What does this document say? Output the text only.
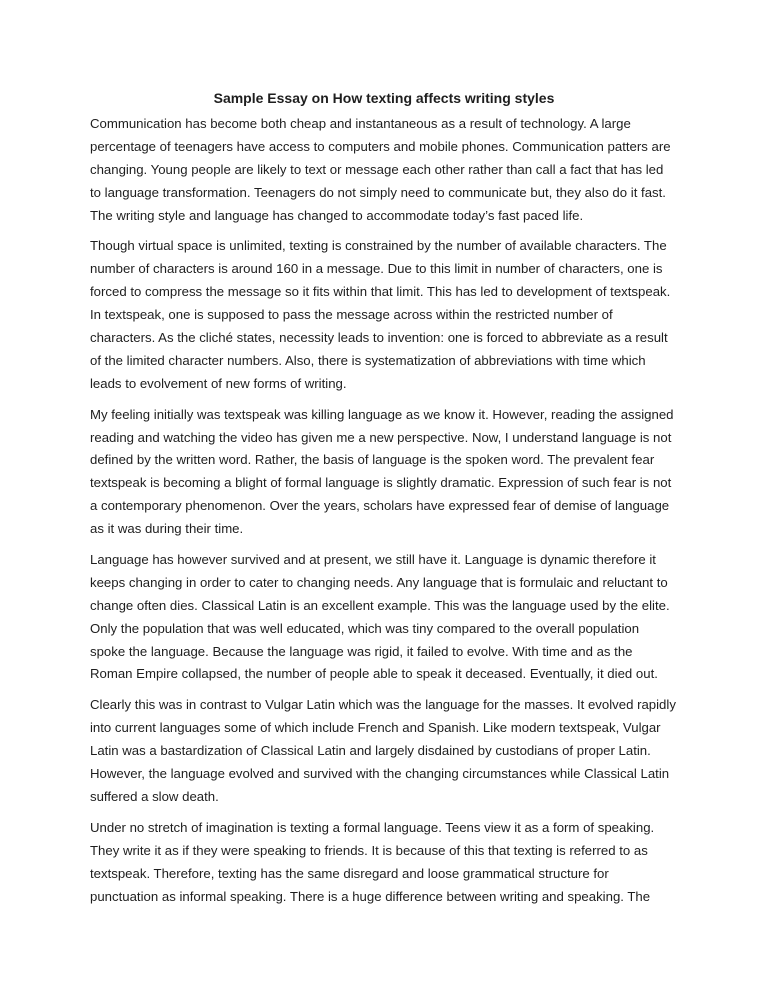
Sample Essay on How texting affects writing styles
Communication has become both cheap and instantaneous as a result of technology. A large
percentage of teenagers have access to computers and mobile phones. Communication patters are
changing. Young people are likely to text or message each other rather than call a fact that has led
to language transformation. Teenagers do not simply need to communicate but, they also do it fast.
The writing style and language has changed to accommodate today’s fast paced life.
Though virtual space is unlimited, texting is constrained by the number of available characters. The
number of characters is around 160 in a message. Due to this limit in number of characters, one is
forced to compress the message so it fits within that limit. This has led to development of textspeak.
In textspeak, one is supposed to pass the message across within the restricted number of
characters. As the cliché states, necessity leads to invention: one is forced to abbreviate as a result
of the limited character numbers. Also, there is systematization of abbreviations with time which
leads to evolvement of new forms of writing.
My feeling initially was textspeak was killing language as we know it. However, reading the assigned
reading and watching the video has given me a new perspective. Now, I understand language is not
defined by the written word. Rather, the basis of language is the spoken word. The prevalent fear
textspeak is becoming a blight of formal language is slightly dramatic. Expression of such fear is not
a contemporary phenomenon. Over the years, scholars have expressed fear of demise of language
as it was during their time.
Language has however survived and at present, we still have it. Language is dynamic therefore it
keeps changing in order to cater to changing needs. Any language that is formulaic and reluctant to
change often dies. Classical Latin is an excellent example. This was the language used by the elite.
Only the population that was well educated, which was tiny compared to the overall population
spoke the language. Because the language was rigid, it failed to evolve. With time and as the
Roman Empire collapsed, the number of people able to speak it deceased. Eventually, it died out.
Clearly this was in contrast to Vulgar Latin which was the language for the masses. It evolved rapidly
into current languages some of which include French and Spanish. Like modern textspeak, Vulgar
Latin was a bastardization of Classical Latin and largely disdained by custodians of proper Latin.
However, the language evolved and survived with the changing circumstances while Classical Latin
suffered a slow death.
Under no stretch of imagination is texting a formal language. Teens view it as a form of speaking.
They write it as if they were speaking to friends. It is because of this that texting is referred to as
textspeak. Therefore, texting has the same disregard and loose grammatical structure for
punctuation as informal speaking. There is a huge difference between writing and speaking. The
